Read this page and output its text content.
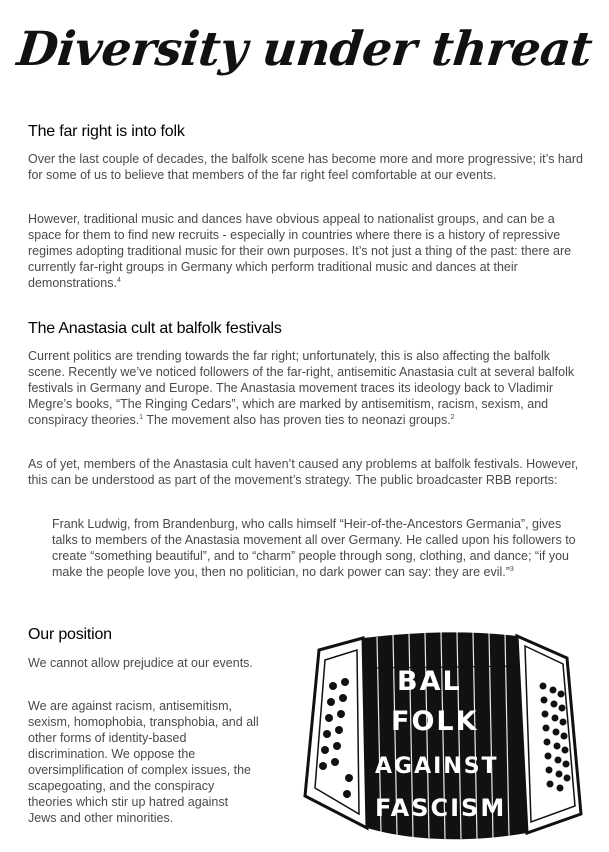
Diversity under threat
The far right is into folk

Over the last couple of decades, the balfolk scene has become more and more progressive; it’s hard for some of us to believe that members of the far right feel comfortable at our events.

However, traditional music and dances have obvious appeal to nationalist groups, and can be a space for them to find new recruits - especially in countries where there is a history of repressive regimes adopting traditional music for their own purposes. It’s not just a thing of the past: there are currently far-right groups in Germany which perform traditional music and dances at their demonstrations.$^4$

The Anastasia cult at balfolk festivals

Current politics are trending towards the far right; unfortunately, this is also affecting the balfolk scene. Recently we’ve noticed followers of the far-right, antisemitic Anastasia cult at several balfolk festivals in Germany and Europe. The Anastasia movement traces its ideology back to Vladimir Megre’s books, “The Ringing Cedars”, which are marked by antisemitism, racism, sexism, and conspiracy theories.$^1$ The movement also has proven ties to neonazi groups.$^2$

As of yet, members of the Anastasia cult haven’t caused any problems at balfolk festivals. However, this can be understood as part of the movement’s strategy. The public broadcaster RBB reports:

Frank Ludwig, from Brandenburg, who calls himself “Heir-of-the-Ancestors Germania”, gives talks to members of the Anastasia movement all over Germany. He called upon his followers to create “something beautiful”, and to “charm” people through song, clothing, and dance; “if you make the people love you, then no politician, no dark power can say: they are evil.”$^3$

Our position

We cannot allow prejudice at our events.

We are against racism, antisemitism, sexism, homophobia, transphobia, and all other forms of identity-based discrimination. We oppose the oversimplification of complex issues, the scapegoating, and the conspiracy theories which stir up hatred against Jews and other minorities.

BAL
FOLK
AGAINST
FASCISM
